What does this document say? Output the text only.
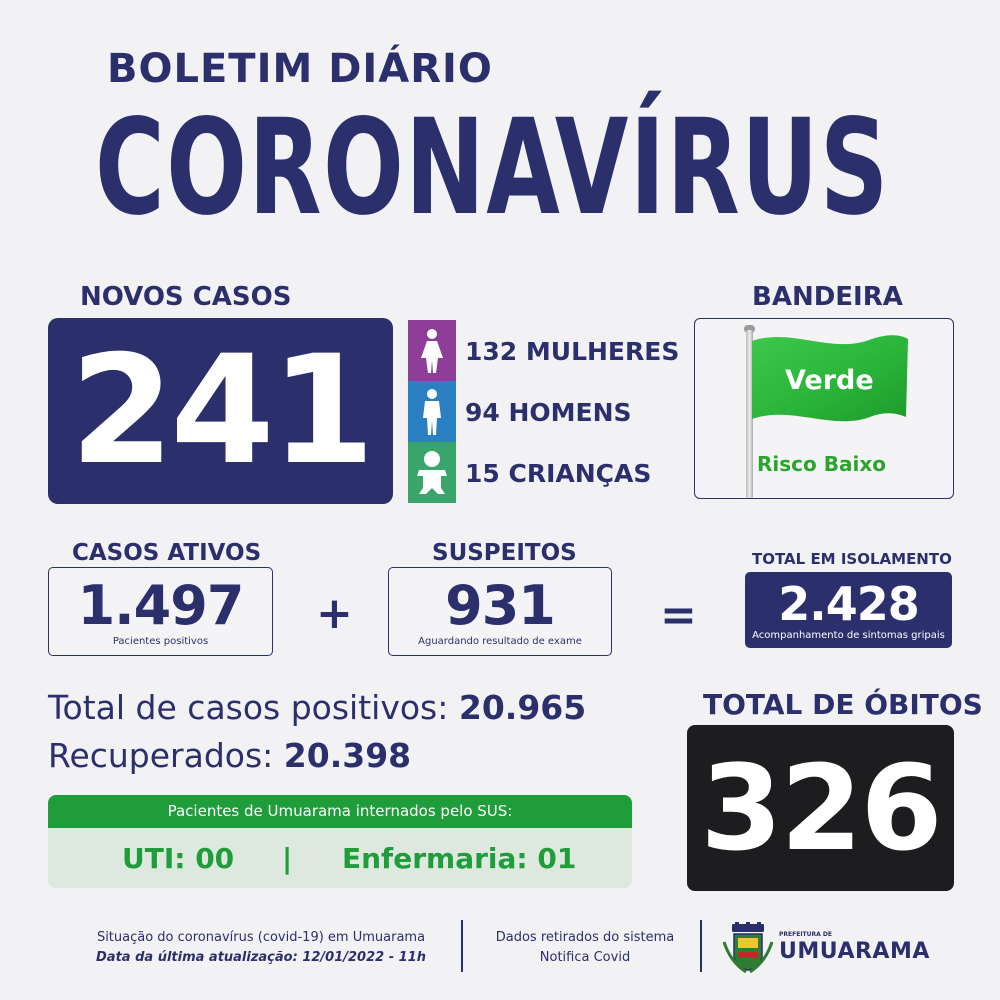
BOLETIM DIÁRIO
CORONAVÍRUS
NOVOS CASOS
241	132 MULHERES
94 HOMENS
15 CRIANÇAS
BANDEIRA
Verde
Risco Baixo
CASOS ATIVOS
1.497
Pacientes positivos
+
SUSPEITOS
931
Aguardando resultado de exame
=
TOTAL EM ISOLAMENTO
2.428
Acompanhamento de sintomas gripais
Total de casos positivos: 20.965
Recuperados: 20.398
Pacientes de Umuarama internados pelo SUS:
UTI: 00 | Enfermaria: 01
TOTAL DE ÓBITOS
326
Situação do coronavírus (covid-19) em Umuarama
Data da última atualização: 12/01/2022 - 11h
Dados retirados do sistema
Notifica Covid
PREFEITURA DE
UMUARAMA
